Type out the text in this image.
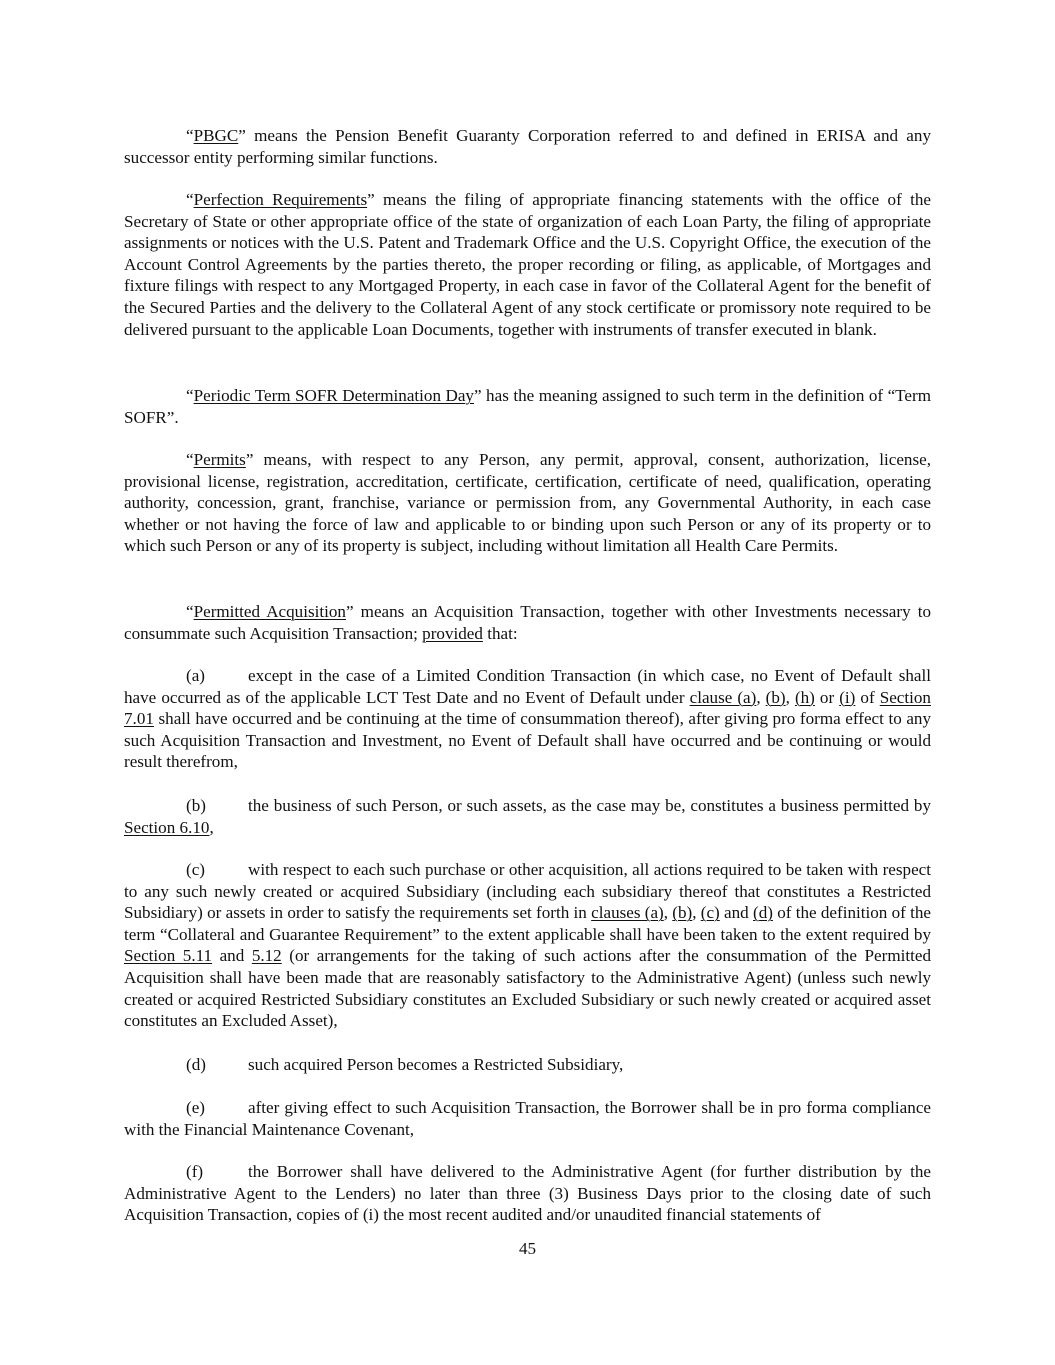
“PBGC” means the Pension Benefit Guaranty Corporation referred to and defined in ERISA and any successor entity performing similar functions.

“Perfection Requirements” means the filing of appropriate financing statements with the office of the Secretary of State or other appropriate office of the state of organization of each Loan Party, the filing of appropriate assignments or notices with the U.S. Patent and Trademark Office and the U.S. Copyright Office, the execution of the Account Control Agreements by the parties thereto, the proper recording or filing, as applicable, of Mortgages and fixture filings with respect to any Mortgaged Property, in each case in favor of the Collateral Agent for the benefit of the Secured Parties and the delivery to the Collateral Agent of any stock certificate or promissory note required to be delivered pursuant to the applicable Loan Documents, together with instruments of transfer executed in blank.

“Periodic Term SOFR Determination Day” has the meaning assigned to such term in the definition of “Term SOFR”.

“Permits” means, with respect to any Person, any permit, approval, consent, authorization, license, provisional license, registration, accreditation, certificate, certification, certificate of need, qualification, operating authority, concession, grant, franchise, variance or permission from, any Governmental Authority, in each case whether or not having the force of law and applicable to or binding upon such Person or any of its property or to which such Person or any of its property is subject, including without limitation all Health Care Permits.

“Permitted Acquisition” means an Acquisition Transaction, together with other Investments necessary to consummate such Acquisition Transaction; provided that:

(a)	except in the case of a Limited Condition Transaction (in which case, no Event of Default shall have occurred as of the applicable LCT Test Date and no Event of Default under clause (a), (b), (h) or (i) of Section 7.01 shall have occurred and be continuing at the time of consummation thereof), after giving pro forma effect to any such Acquisition Transaction and Investment, no Event of Default shall have occurred and be continuing or would result therefrom,

(b) the business of such Person, or such assets, as the case may be, constitutes a business permitted by Section 6.10,

(c)	with respect to each such purchase or other acquisition, all actions required to be taken with respect to any such newly created or acquired Subsidiary (including each subsidiary thereof that constitutes a Restricted Subsidiary) or assets in order to satisfy the requirements set forth in clauses (a), (b), (c) and (d) of the definition of the term “Collateral and Guarantee Requirement” to the extent applicable shall have been taken to the extent required by Section 5.11 and 5.12 (or arrangements for the taking of such actions after the consummation of the Permitted Acquisition shall have been made that are reasonably satisfactory to the Administrative Agent) (unless such newly created or acquired Restricted Subsidiary constitutes an Excluded Subsidiary or such newly created or acquired asset constitutes an Excluded Asset),

(d) such acquired Person becomes a Restricted Subsidiary,

(e)	after giving effect to such Acquisition Transaction, the Borrower shall be in pro forma compliance with the Financial Maintenance Covenant,

(f)	the Borrower shall have delivered to the Administrative Agent (for further distribution by the Administrative Agent to the Lenders) no later than three (3) Business Days prior to the closing date of such Acquisition Transaction, copies of (i) the most recent audited and/or unaudited financial statements of

45
